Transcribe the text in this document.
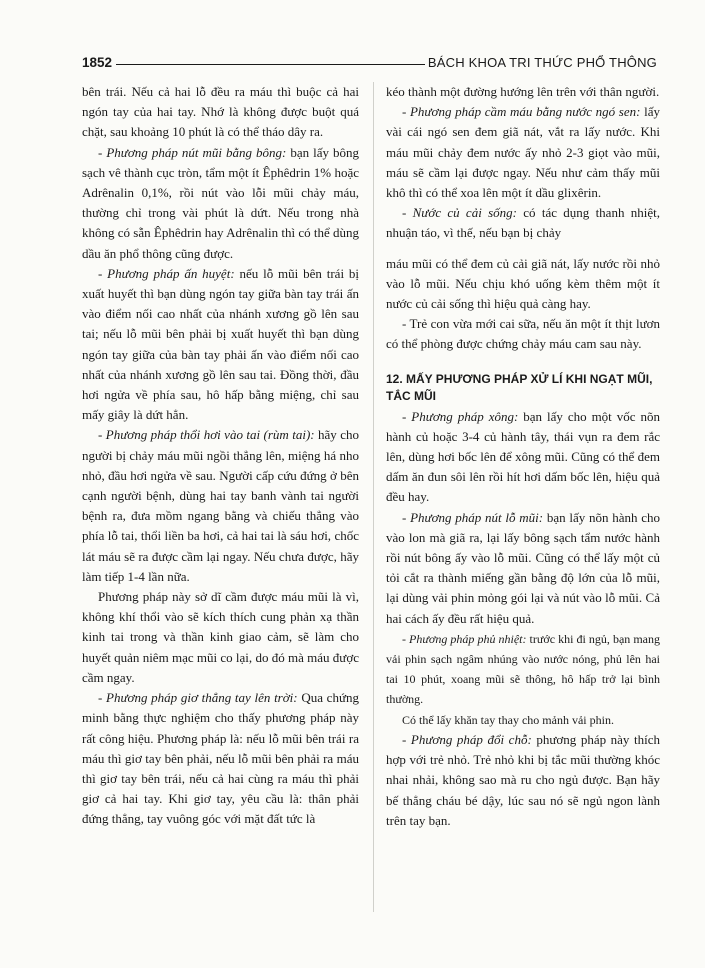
1852	BÁCH KHOA TRI THỨC PHỔ THÔNG

bên trái. Nếu cả hai lỗ đều ra máu thì buộc cả hai ngón tay của hai tay. Nhớ là không được buột quá chặt, sau khoảng 10 phút là có thể tháo dây ra.

- Phương pháp nút mũi bằng bông: bạn lấy bông sạch vê thành cục tròn, tẩm một ít Êphêdrin 1% hoặc Adrênalin 0,1%, rồi nút vào lỗi mũi chảy máu, thường chỉ trong vài phút là dứt. Nếu trong nhà không có sẵn Êphêdrin hay Adrênalin thì có thể dùng dầu ăn phổ thông cũng được.

- Phương pháp ấn huyệt: nếu lỗ mũi bên trái bị xuất huyết thì bạn dùng ngón tay giữa bàn tay trái ấn vào điểm nối cao nhất của nhánh xương gồ lên sau tai; nếu lỗ mũi bên phải bị xuất huyết thì bạn dùng ngón tay giữa của bàn tay phải ấn vào điểm nối cao nhất của nhánh xương gồ lên sau tai. Đồng thời, đầu hơi ngửa về phía sau, hô hấp bằng miệng, chỉ sau mấy giây là dứt hẳn.

- Phương pháp thổi hơi vào tai (rùm tai): hãy cho người bị chảy máu mũi ngồi thẳng lên, miệng há nho nhỏ, đầu hơi ngửa về sau. Người cấp cứu đứng ở bên cạnh người bệnh, dùng hai tay banh vành tai người bệnh ra, đưa mồm ngang bằng và chiếu thẳng vào phía lỗ tai, thổi liền ba hơi, cả hai tai là sáu hơi, chốc lát máu sẽ ra được cầm lại ngay. Nếu chưa được, hãy làm tiếp 1-4 lần nữa.

Phương pháp này sở dĩ cầm được máu mũi là vì, không khí thổi vào sẽ kích thích cung phản xạ thần kinh tai trong và thần kinh giao cảm, sẽ làm cho huyết quản niêm mạc mũi co lại, do đó mà máu được cầm ngay.

- Phương pháp giơ thẳng tay lên trời: Qua chứng minh bằng thực nghiệm cho thấy phương pháp này rất công hiệu. Phương pháp là: nếu lỗ mũi bên trái ra máu thì giơ tay bên phải, nếu lỗ mũi bên phải ra máu thì giơ tay bên trái, nếu cả hai cùng ra máu thì phải giơ cả hai tay. Khi giơ tay, yêu cầu là: thân phải đứng thẳng, tay vuông góc với mặt đất tức là

kéo thành một đường hướng lên trên với thân người.

- Phương pháp cầm máu bằng nước ngó sen: lấy vài cái ngó sen đem giã nát, vắt ra lấy nước. Khi máu mũi chảy đem nước ấy nhỏ 2-3 giọt vào mũi, máu sẽ cầm lại được ngay. Nếu như cảm thấy mũi khô thì có thể xoa lên một ít dầu glixêrin.

- Nước củ cải sống: có tác dụng thanh nhiệt, nhuận táo, vì thế, nếu bạn bị chảy

máu mũi có thể đem củ cải giã nát, lấy nước rồi nhỏ vào lỗ mũi. Nếu chịu khó uống kèm thêm một ít nước củ cải sống thì hiệu quả càng hay.

- Trẻ con vừa mới cai sữa, nếu ăn một ít thịt lươn có thể phòng được chứng chảy máu cam sau này.

12. MẤY PHƯƠNG PHÁP XỬ LÍ KHI NGẠT MŨI, TẮC MŨI

- Phương pháp xông: bạn lấy cho một vốc nõn hành củ hoặc 3-4 củ hành tây, thái vụn ra đem rắc lên, dùng hơi bốc lên để xông mũi. Cũng có thể đem dấm ăn đun sôi lên rồi hít hơi dấm bốc lên, hiệu quả đều hay.

- Phương pháp nút lỗ mũi: bạn lấy nõn hành cho vào lon mà giã ra, lại lấy bông sạch tẩm nước hành rồi nút bông ấy vào lỗ mũi. Cũng có thể lấy một củ tỏi cắt ra thành miếng gần bằng độ lớn của lỗ mũi, lại dùng vải phin mỏng gói lại và nút vào lỗ mũi. Cả hai cách ấy đều rất hiệu quả.

- Phương pháp phủ nhiệt: trước khi đi ngủ, bạn mang vải phin sạch ngâm nhúng vào nước nóng, phủ lên hai tai 10 phút, xoang mũi sẽ thông, hô hấp trở lại bình thường.

Có thể lấy khăn tay thay cho mảnh vải phin.

- Phương pháp đổi chỗ: phương pháp này thích hợp với trẻ nhỏ. Trẻ nhỏ khi bị tắc mũi thường khóc nhai nhải, không sao mà ru cho ngủ được. Bạn hãy bế thẳng cháu bé dậy, lúc sau nó sẽ ngủ ngon lành trên tay bạn.
